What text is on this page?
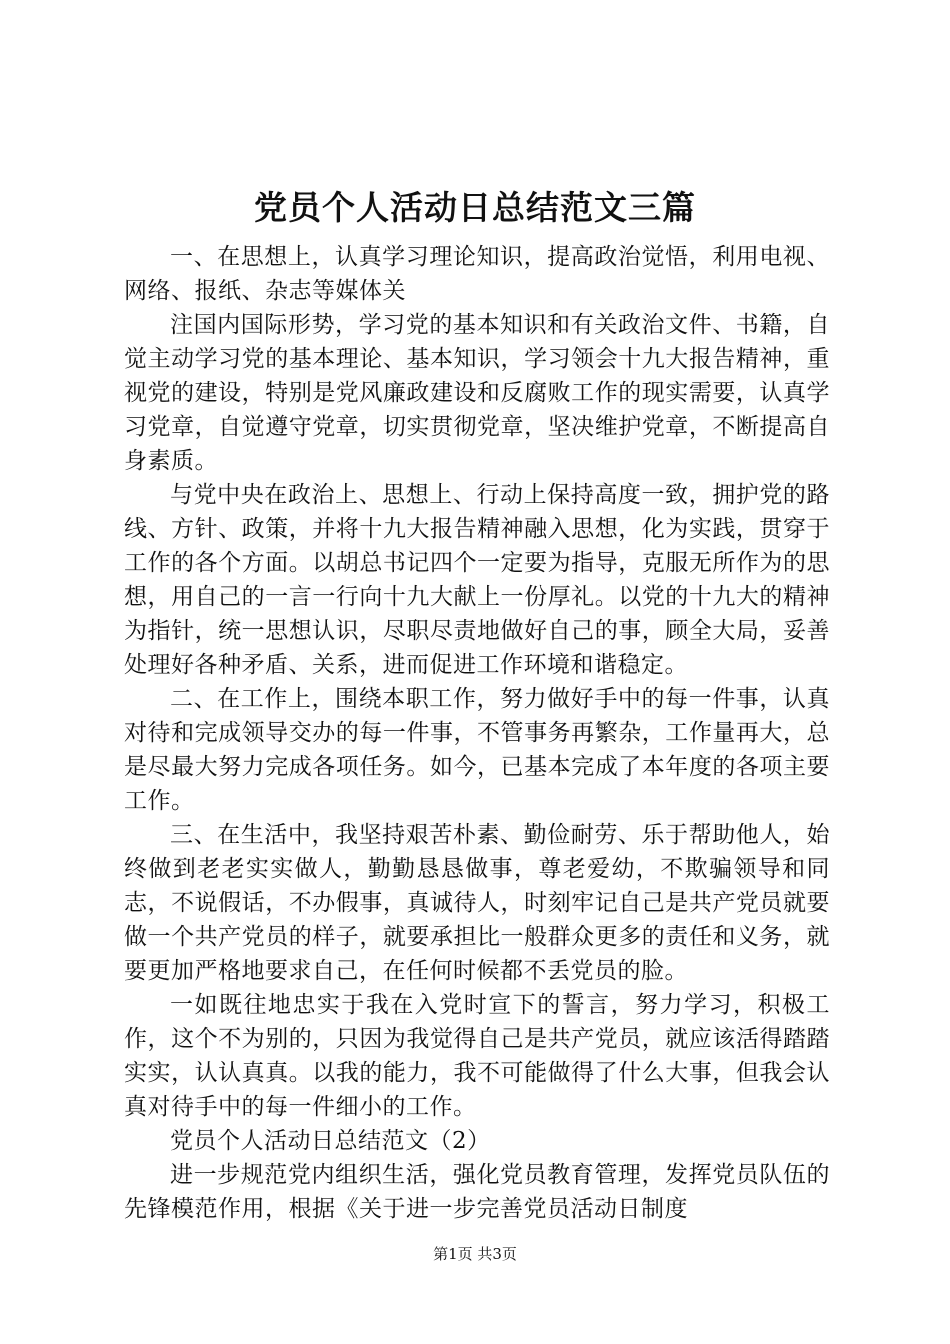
党员个人活动日总结范文三篇

一、在思想上，认真学习理论知识，提高政治觉悟，利用电视、网络、报纸、杂志等媒体关

注国内国际形势，学习党的基本知识和有关政治文件、书籍，自觉主动学习党的基本理论、基本知识，学习领会十九大报告精神，重视党的建设，特别是党风廉政建设和反腐败工作的现实需要，认真学习党章，自觉遵守党章，切实贯彻党章，坚决维护党章，不断提高自身素质。

与党中央在政治上、思想上、行动上保持高度一致，拥护党的路线、方针、政策，并将十九大报告精神融入思想，化为实践，贯穿于工作的各个方面。以胡总书记四个一定要为指导，克服无所作为的思想，用自己的一言一行向十九大献上一份厚礼。以党的十九大的精神为指针，统一思想认识，尽职尽责地做好自己的事，顾全大局，妥善处理好各种矛盾、关系，进而促进工作环境和谐稳定。

二、在工作上，围绕本职工作，努力做好手中的每一件事，认真对待和完成领导交办的每一件事，不管事务再繁杂，工作量再大，总是尽最大努力完成各项任务。如今，已基本完成了本年度的各项主要工作。

三、在生活中，我坚持艰苦朴素、勤俭耐劳、乐于帮助他人，始终做到老老实实做人，勤勤恳恳做事，尊老爱幼，不欺骗领导和同志，不说假话，不办假事，真诚待人，时刻牢记自己是共产党员就要做一个共产党员的样子，就要承担比一般群众更多的责任和义务，就要更加严格地要求自己，在任何时候都不丢党员的脸。

一如既往地忠实于我在入党时宣下的誓言，努力学习，积极工作，这个不为别的，只因为我觉得自己是共产党员，就应该活得踏踏实实，认认真真。以我的能力，我不可能做得了什么大事，但我会认真对待手中的每一件细小的工作。

党员个人活动日总结范文（2）

进一步规范党内组织生活，强化党员教育管理，发挥党员队伍的先锋模范作用，根据《关于进一步完善党员活动日制度

第1页 共3页
